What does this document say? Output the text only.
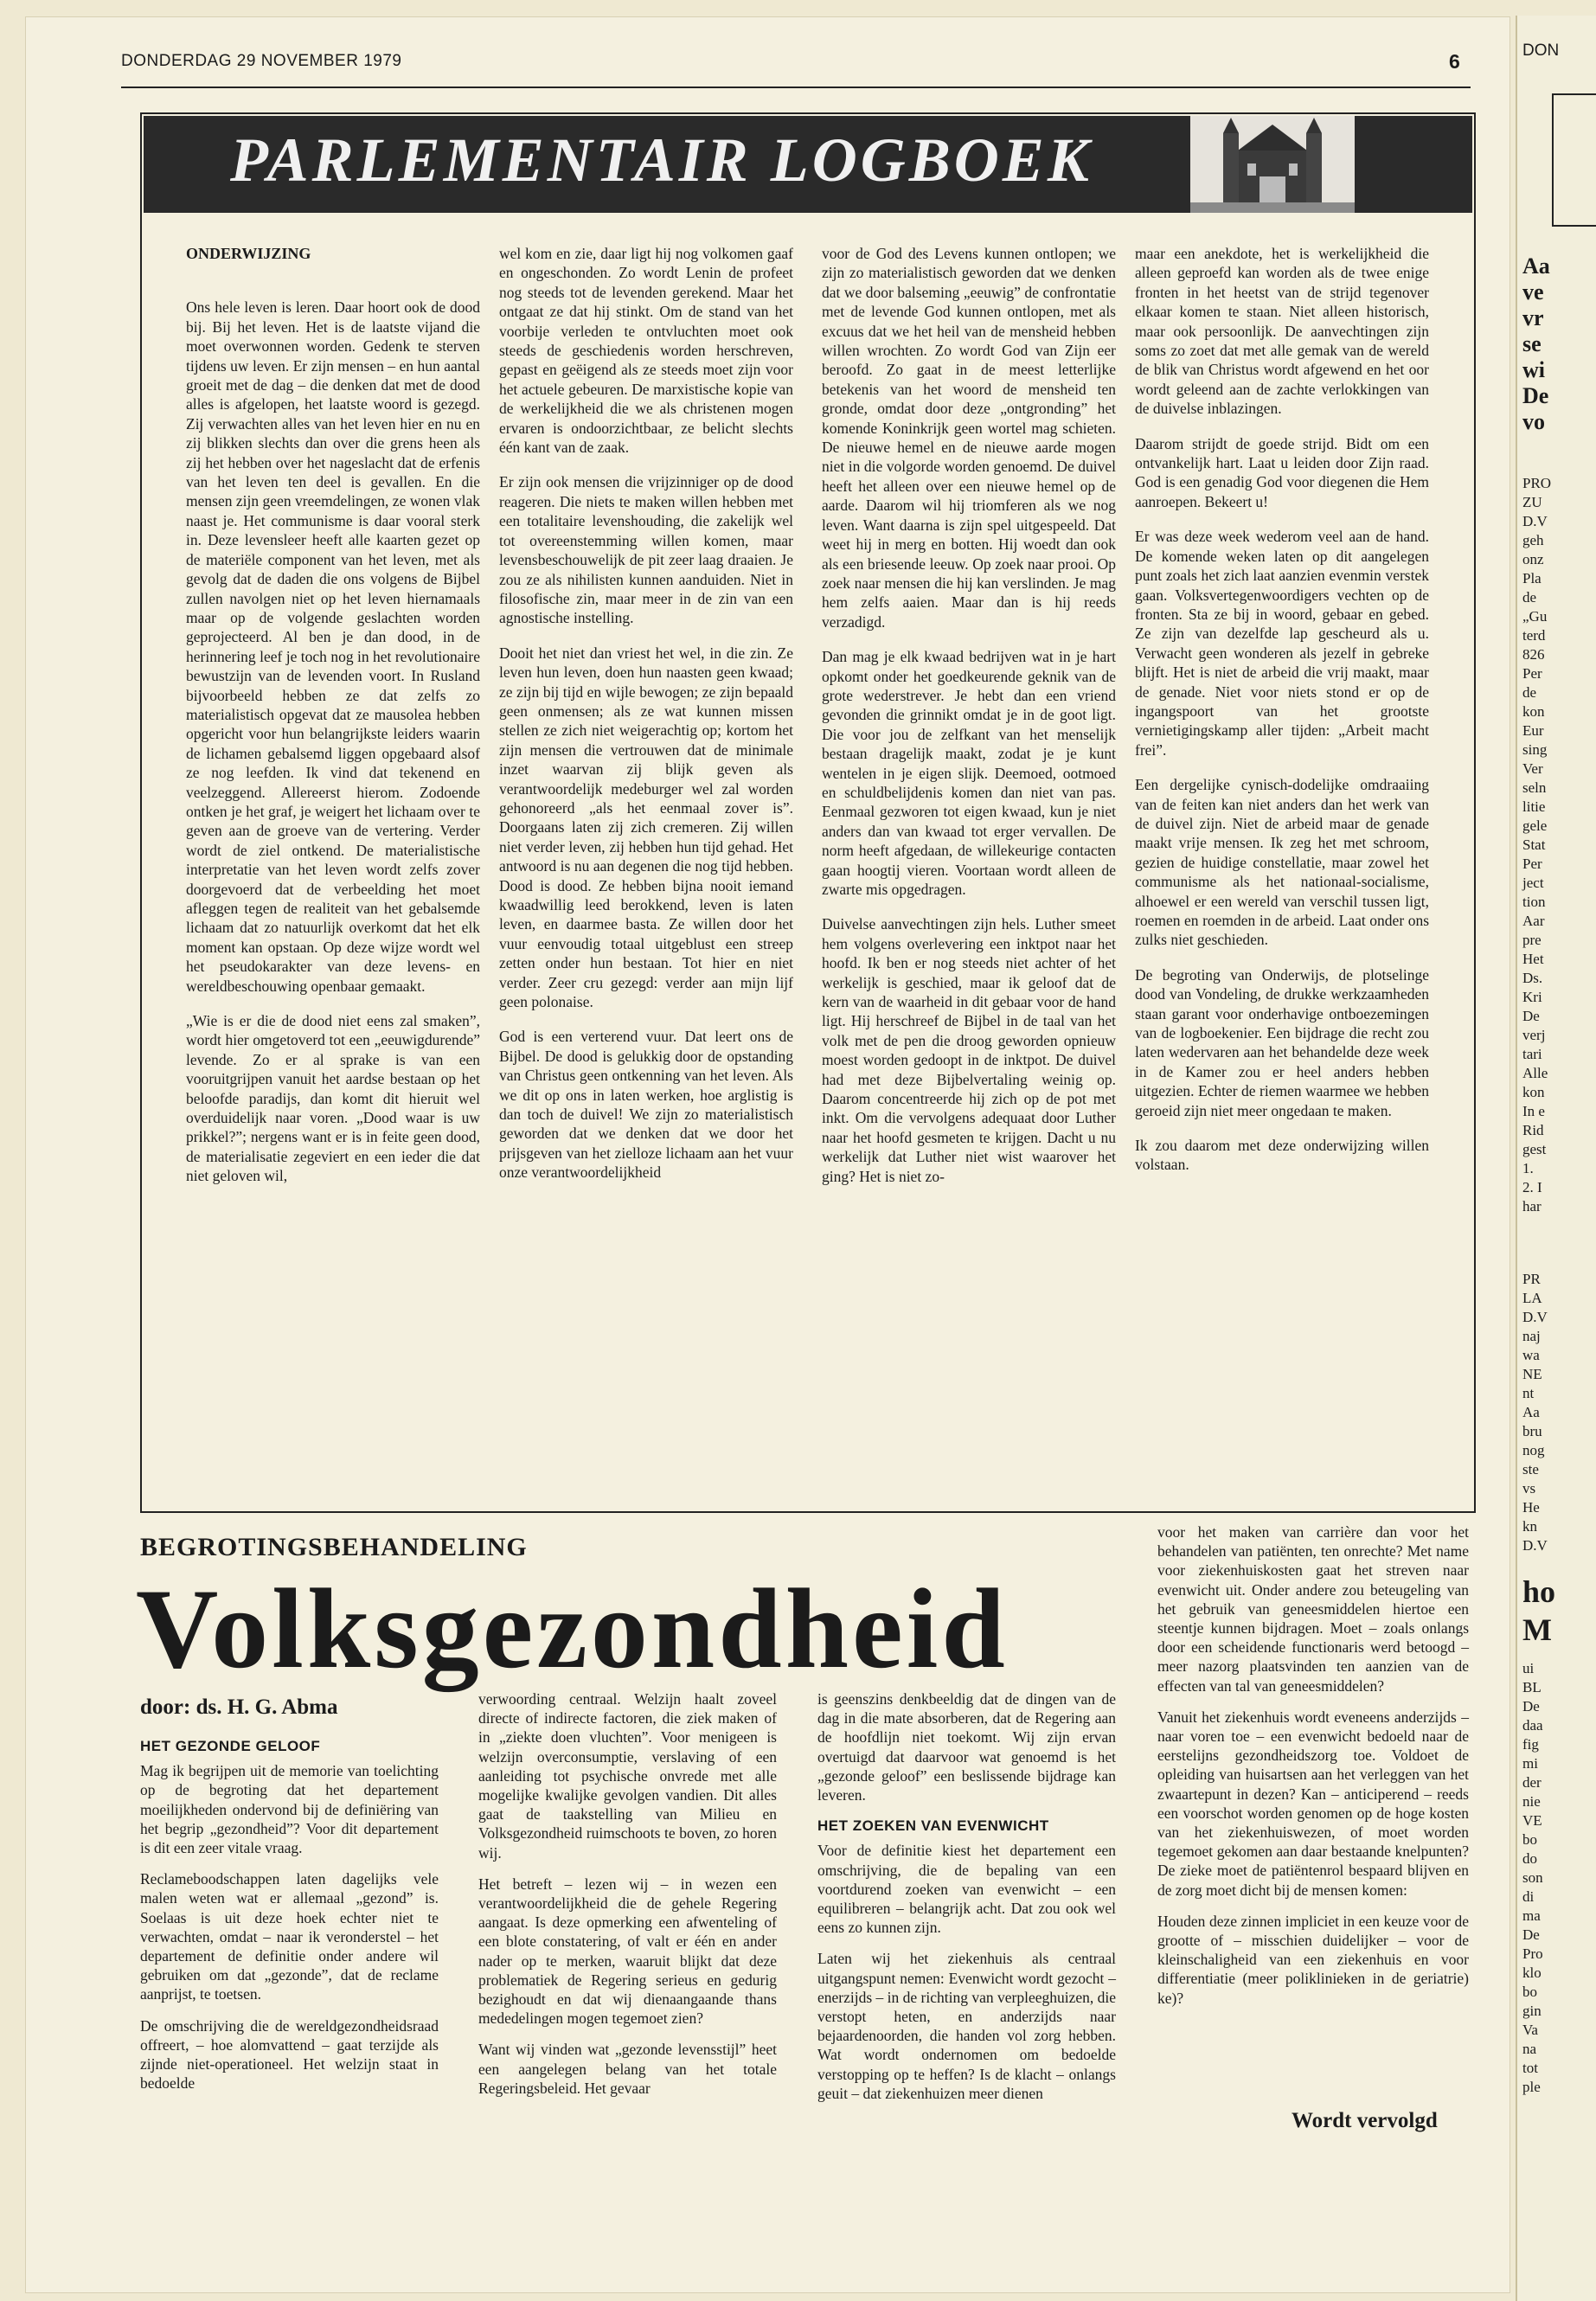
DON
Aa
ve
vr
se
wi
De
vo
PRO
ZU
D.V
geh
onz
Pla
de
„Gu
terd
826
Per
de
kon
Eur
sing
Ver
seln
litie
gele
Stat
Per
ject
tion
Aar
pre
Het
Ds.
Kri
De
verj
tari
Alle
kon
In e
Rid
gest
1.
2. I
har
PR
LA
D.V
naj
wa
NE
nt
Aa
bru
nog
ste
vs
He
kn
D.V
ho
M
ui
BL
De
daa
fig
mi
der
nie
VE
bo
do
son
di
ma
De
Pro
klo
bo
gin
Va
na
tot
ple
DONDERDAG 29 NOVEMBER 1979	6
PARLEMENTAIR LOGBOEK
ONDERWIJZING

Ons hele leven is leren. Daar hoort ook de dood bij. Bij het leven. Het is de laatste vijand die moet overwonnen worden. Gedenk te sterven tijdens uw leven. Er zijn mensen – en hun aantal groeit met de dag – die denken dat met de dood alles is afgelopen, het laatste woord is gezegd. Zij verwachten alles van het leven hier en nu en zij blikken slechts dan over die grens heen als zij het hebben over het nageslacht dat de erfenis van het leven ten deel is gevallen. En die mensen zijn geen vreemdelingen, ze wonen vlak naast je. Het communisme is daar vooral sterk in. Deze levensleer heeft alle kaarten gezet op de materiële component van het leven, met als gevolg dat de daden die ons volgens de Bijbel zullen navolgen niet op het leven hiernamaals maar op de volgende geslachten worden geprojecteerd. Al ben je dan dood, in de herinnering leef je toch nog in het revolutionaire bewustzijn van de levenden voort. In Rusland bijvoorbeeld hebben ze dat zelfs zo materialistisch opgevat dat ze mausolea hebben opgericht voor hun belangrijkste leiders waarin de lichamen gebalsemd liggen opgebaard alsof ze nog leefden. Ik vind dat tekenend en veelzeggend. Allereerst hierom. Zodoende ontken je het graf, je weigert het lichaam over te geven aan de groeve van de vertering. Verder wordt de ziel ontkend. De materialistische interpretatie van het leven wordt zelfs zover doorgevoerd dat de verbeelding het moet afleggen tegen de realiteit van het gebalsemde lichaam dat zo natuurlijk overkomt dat het elk moment kan opstaan. Op deze wijze wordt wel het pseudokarakter van deze levens- en wereldbeschouwing openbaar gemaakt.

„Wie is er die de dood niet eens zal smaken”, wordt hier omgetoverd tot een „eeuwigdurende” levende. Zo er al sprake is van een vooruitgrijpen vanuit het aardse bestaan op het beloofde paradijs, dan komt dit hieruit wel overduidelijk naar voren. „Dood waar is uw prikkel?”; nergens want er is in feite geen dood, de materialisatie zegeviert en een ieder die dat niet geloven wil,

wel kom en zie, daar ligt hij nog volkomen gaaf en ongeschonden. Zo wordt Lenin de profeet nog steeds tot de levenden gerekend. Maar het ontgaat ze dat hij stinkt. Om de stand van het voorbije verleden te ontvluchten moet ook steeds de geschiedenis worden herschreven, gepast en geëigend als ze steeds moet zijn voor het actuele gebeuren. De marxistische kopie van de werkelijkheid die we als christenen mogen ervaren is ondoorzichtbaar, ze belicht slechts één kant van de zaak.

Er zijn ook mensen die vrijzinniger op de dood reageren. Die niets te maken willen hebben met een totalitaire levenshouding, die zakelijk wel tot overeenstemming willen komen, maar levensbeschouwelijk de pit zeer laag draaien. Je zou ze als nihilisten kunnen aanduiden. Niet in filosofische zin, maar meer in de zin van een agnostische instelling.

Dooit het niet dan vriest het wel, in die zin. Ze leven hun leven, doen hun naasten geen kwaad; ze zijn bij tijd en wijle bewogen; ze zijn bepaald geen onmensen; als ze wat kunnen missen stellen ze zich niet weigerachtig op; kortom het zijn mensen die vertrouwen dat de minimale inzet waarvan zij blijk geven als verantwoordelijk medeburger wel zal worden gehonoreerd „als het eenmaal zover is”. Doorgaans laten zij zich cremeren. Zij willen niet verder leven, zij hebben hun tijd gehad. Het antwoord is nu aan degenen die nog tijd hebben. Dood is dood. Ze hebben bijna nooit iemand kwaadwillig leed berokkend, leven is laten leven, en daarmee basta. Ze willen door het vuur eenvoudig totaal uitgeblust een streep zetten onder hun bestaan. Tot hier en niet verder. Zeer cru gezegd: verder aan mijn lijf geen polonaise.

God is een verterend vuur. Dat leert ons de Bijbel. De dood is gelukkig door de opstanding van Christus geen ontkenning van het leven. Als we dit op ons in laten werken, hoe arglistig is dan toch de duivel! We zijn zo materialistisch geworden dat we denken dat we door het prijsgeven van het zielloze lichaam aan het vuur onze verantwoordelijkheid

voor de God des Levens kunnen ontlopen; we zijn zo materialistisch geworden dat we denken dat we door balseming „eeuwig” de confrontatie met de levende God kunnen ontlopen, met als excuus dat we het heil van de mensheid hebben willen wrochten. Zo wordt God van Zijn eer beroofd. Zo gaat in de meest letterlijke betekenis van het woord de mensheid ten gronde, omdat door deze „ontgronding” het komende Koninkrijk geen wortel mag schieten. De nieuwe hemel en de nieuwe aarde mogen niet in die volgorde worden genoemd. De duivel heeft het alleen over een nieuwe hemel op de aarde. Daarom wil hij triomferen als we nog leven. Want daarna is zijn spel uitgespeeld. Dat weet hij in merg en botten. Hij woedt dan ook als een briesende leeuw. Op zoek naar prooi. Op zoek naar mensen die hij kan verslinden. Je mag hem zelfs aaien. Maar dan is hij reeds verzadigd.

Dan mag je elk kwaad bedrijven wat in je hart opkomt onder het goedkeurende geknik van de grote wederstrever. Je hebt dan een vriend gevonden die grinnikt omdat je in de goot ligt. Die voor jou de zelfkant van het menselijk bestaan dragelijk maakt, zodat je je kunt wentelen in je eigen slijk. Deemoed, ootmoed en schuldbelijdenis komen dan niet van pas. Eenmaal gezworen tot eigen kwaad, kun je niet anders dan van kwaad tot erger vervallen. De norm heeft afgedaan, de willekeurige contacten gaan hoogtij vieren. Voortaan wordt alleen de zwarte mis opgedragen.

Duivelse aanvechtingen zijn hels. Luther smeet hem volgens overlevering een inktpot naar het hoofd. Ik ben er nog steeds niet achter of het werkelijk is geschied, maar ik geloof dat de kern van de waarheid in dit gebaar voor de hand ligt. Hij herschreef de Bijbel in de taal van het volk met de pen die droog geworden opnieuw moest worden gedoopt in de inktpot. De duivel had met deze Bijbelvertaling weinig op. Daarom concentreerde hij zich op de pot met inkt. Om die vervolgens adequaat door Luther naar het hoofd gesmeten te krijgen. Dacht u nu werkelijk dat Luther niet wist waarover het ging? Het is niet zo-

maar een anekdote, het is werkelijkheid die alleen geproefd kan worden als de twee enige fronten in het heetst van de strijd tegenover elkaar komen te staan. Niet alleen historisch, maar ook persoonlijk. De aanvechtingen zijn soms zo zoet dat met alle gemak van de wereld de blik van Christus wordt afgewend en het oor wordt geleend aan de zachte verlokkingen van de duivelse inblazingen.

Daarom strijdt de goede strijd. Bidt om een ontvankelijk hart. Laat u leiden door Zijn raad. God is een genadig God voor diegenen die Hem aanroepen. Bekeert u!

Er was deze week wederom veel aan de hand. De komende weken laten op dit aangelegen punt zoals het zich laat aanzien evenmin verstek gaan. Volksvertegenwoordigers vechten op de fronten. Sta ze bij in woord, gebaar en gebed. Ze zijn van dezelfde lap gescheurd als u. Verwacht geen wonderen als jezelf in gebreke blijft. Het is niet de arbeid die vrij maakt, maar de genade. Niet voor niets stond er op de ingangspoort van het grootste vernietigingskamp aller tijden: „Arbeit macht frei”.

Een dergelijke cynisch-dodelijke omdraaiing van de feiten kan niet anders dan het werk van de duivel zijn. Niet de arbeid maar de genade maakt vrije mensen. Ik zeg het met schroom, gezien de huidige constellatie, maar zowel het communisme als het nationaal-socialisme, alhoewel er een wereld van verschil tussen ligt, roemen en roemden in de arbeid. Laat onder ons zulks niet geschieden.

De begroting van Onderwijs, de plotselinge dood van Vondeling, de drukke werkzaamheden staan garant voor onderhavige ontboezemingen van de logboekenier. Een bijdrage die recht zou laten wedervaren aan het behandelde deze week in de Kamer zou er heel anders hebben uitgezien. Echter de riemen waarmee we hebben geroeid zijn niet meer ongedaan te maken.

Ik zou daarom met deze onderwijzing willen volstaan.

BEGROTINGSBEHANDELING
Volksgezondheid
door: ds. H. G. Abma
HET GEZONDE GELOOF

Mag ik begrijpen uit de memorie van toelichting op de begroting dat het departement moeilijkheden ondervond bij de definiëring van het begrip „gezondheid”? Voor dit departement is dit een zeer vitale vraag.

Reclameboodschappen laten dagelijks vele malen weten wat er allemaal „gezond” is. Soelaas is uit deze hoek echter niet te verwachten, omdat – naar ik veronderstel – het departement de definitie onder andere wil gebruiken om dat „gezonde”, dat de reclame aanprijst, te toetsen.

De omschrijving die de wereldgezondheidsraad offreert, – hoe alomvattend – gaat terzijde als zijnde niet-operationeel. Het welzijn staat in bedoelde

verwoording centraal. Welzijn haalt zoveel directe of indirecte factoren, die ziek maken of in „ziekte doen vluchten”. Voor menigeen is welzijn overconsumptie, verslaving of een aanleiding tot psychische onvrede met alle mogelijke kwalijke gevolgen vandien. Dit alles gaat de taakstelling van Milieu en Volksgezondheid ruimschoots te boven, zo horen wij.

Het betreft – lezen wij – in wezen een verantwoordelijkheid die de gehele Regering aangaat. Is deze opmerking een afwenteling of een blote constatering, of valt er één en ander nader op te merken, waaruit blijkt dat deze problematiek de Regering serieus en gedurig bezighoudt en dat wij dienaangaande thans mededelingen mogen tegemoet zien?

Want wij vinden wat „gezonde levensstijl” heet een aangelegen belang van het totale Regeringsbeleid. Het gevaar

is geenszins denkbeeldig dat de dingen van de dag in die mate absorberen, dat de Regering aan de hoofdlijn niet toekomt. Wij zijn ervan overtuigd dat daarvoor wat genoemd is het „gezonde geloof” een beslissende bijdrage kan leveren.

HET ZOEKEN VAN EVENWICHT

Voor de definitie kiest het departement een omschrijving, die de bepaling van een voortdurend zoeken van evenwicht – een equilibreren – belangrijk acht. Dat zou ook wel eens zo kunnen zijn.

Laten wij het ziekenhuis als centraal uitgangspunt nemen: Evenwicht wordt gezocht – enerzijds – in de richting van verpleeghuizen, die verstopt heten, en anderzijds naar bejaardenoorden, die handen vol zorg hebben. Wat wordt ondernomen om bedoelde verstopping op te heffen? Is de klacht – onlangs geuit – dat ziekenhuizen meer dienen

voor het maken van carrière dan voor het behandelen van patiënten, ten onrechte? Met name voor ziekenhuiskosten gaat het streven naar evenwicht uit. Onder andere zou beteugeling van het gebruik van geneesmiddelen hiertoe een steentje kunnen bijdragen. Moet – zoals onlangs door een scheidende functionaris werd betoogd – meer nazorg plaatsvinden ten aanzien van de effecten van tal van geneesmiddelen?

Vanuit het ziekenhuis wordt eveneens anderzijds – naar voren toe – een evenwicht bedoeld naar de eerstelijns gezondheidszorg toe. Voldoet de opleiding van huisartsen aan het verleggen van het zwaartepunt in dezen? Kan – anticiperend – reeds een voorschot worden genomen op de hoge kosten van het ziekenhuiswezen, of moet worden tegemoet gekomen aan daar bestaande knelpunten? De zieke moet de patiëntenrol bespaard blijven en de zorg moet dicht bij de mensen komen:

Houden deze zinnen impliciet in een keuze voor de grootte of – misschien duidelijker – voor de kleinschaligheid van een ziekenhuis en voor differentiatie (meer poliklinieken in de geriatrie) ke)?

Wordt vervolgd
